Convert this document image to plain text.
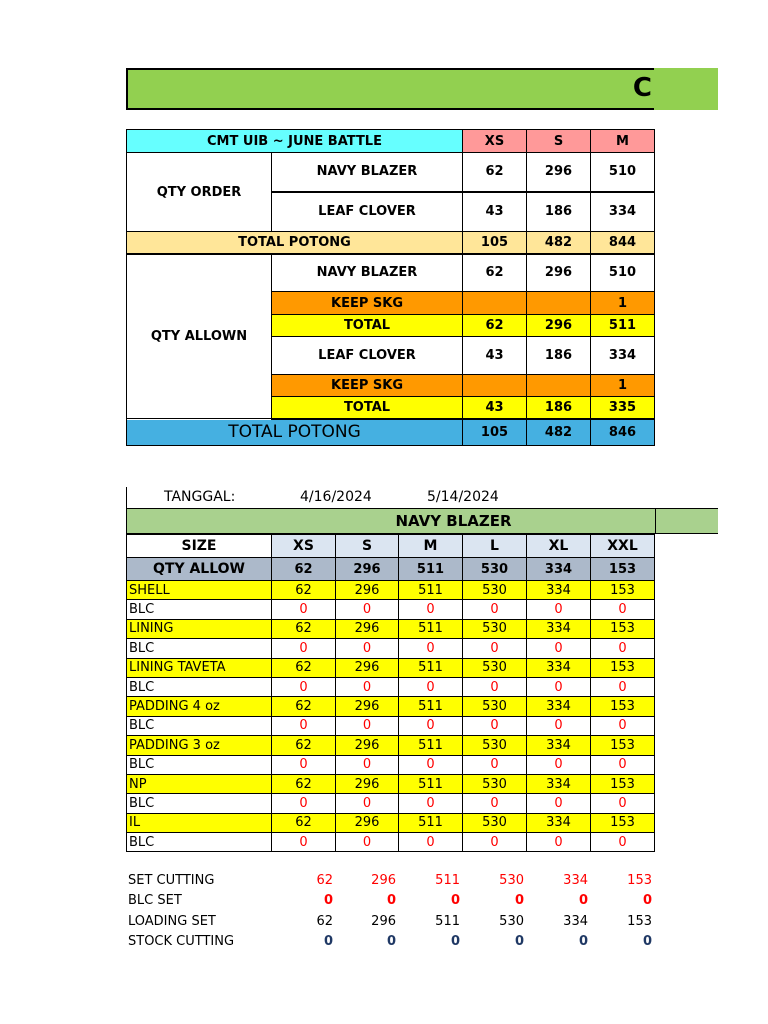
C
CMT UIB ~ JUNE BATTLE		XS	S	M
QTY ORDER	NAVY BLAZER	62	296	510
	LEAF CLOVER	43	186	334
TOTAL POTONG		105	482	844
QTY ALLOWN	NAVY BLAZER	62	296	510
	KEEP SKG			1
	TOTAL	62	296	511
	LEAF CLOVER	43	186	334
	KEEP SKG			1
	TOTAL	43	186	335
TOTAL POTONG		105	482	846
TANGGAL:	4/16/2024	5/14/2024
NAVY BLAZER
SIZE	XS	S	M	L	XL	XXL
QTY ALLOW	62	296	511	530	334	153
SHELL	62	296	511	530	334	153
BLC	0	0	0	0	0	0
LINING	62	296	511	530	334	153
BLC	0	0	0	0	0	0
LINING TAVETA	62	296	511	530	334	153
BLC	0	0	0	0	0	0
PADDING 4 oz	62	296	511	530	334	153
BLC	0	0	0	0	0	0
PADDING 3 oz	62	296	511	530	334	153
BLC	0	0	0	0	0	0
NP	62	296	511	530	334	153
BLC	0	0	0	0	0	0
IL	62	296	511	530	334	153
BLC	0	0	0	0	0	0
SET CUTTING	62	296	511	530	334	153
BLC SET	0	0	0	0	0	0
LOADING SET	62	296	511	530	334	153
STOCK CUTTING	0	0	0	0	0	0
